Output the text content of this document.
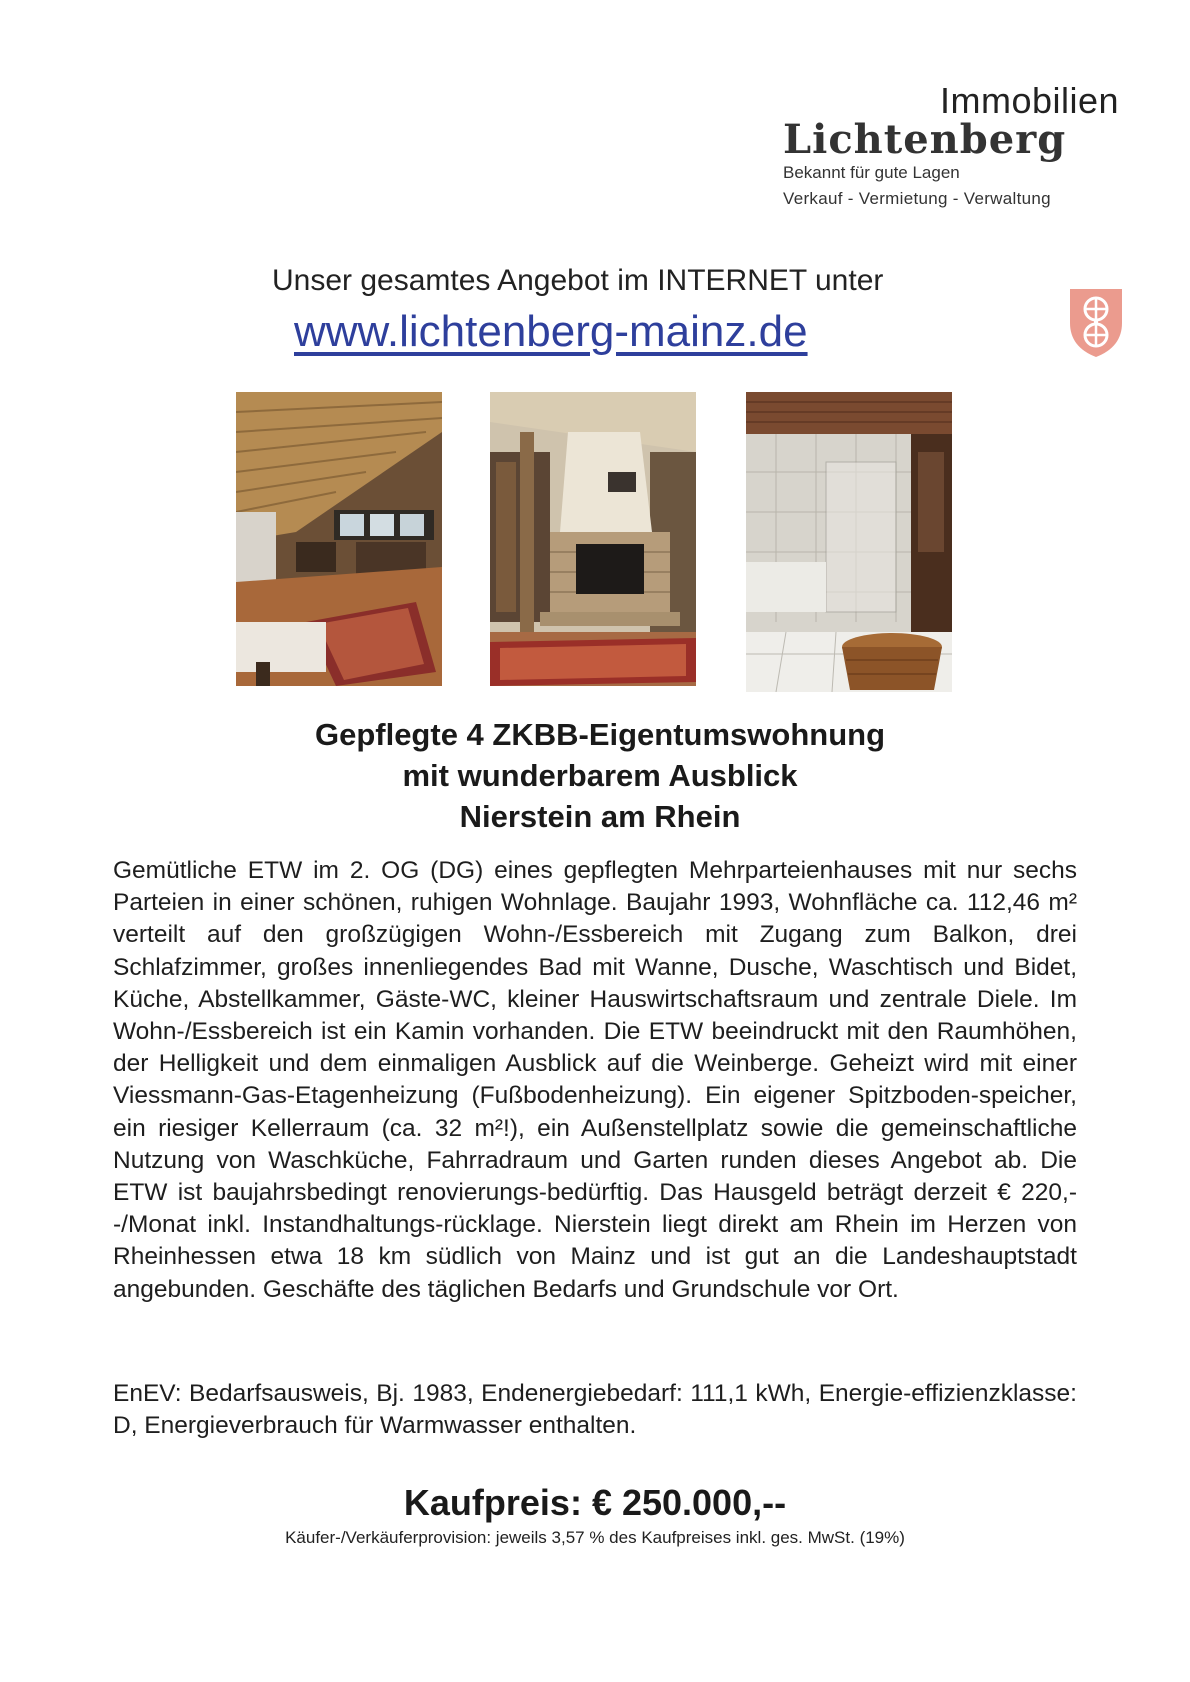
Immobilien
Lichtenberg
Bekannt für gute Lagen
Verkauf - Vermietung - Verwaltung
Unser gesamtes Angebot im INTERNET unter
www.lichtenberg-mainz.de
Gepflegte 4 ZKBB-Eigentumswohnung
mit wunderbarem Ausblick
Nierstein am Rhein
Gemütliche ETW im 2. OG (DG) eines gepflegten Mehrparteienhauses mit nur sechs Parteien in einer schönen, ruhigen Wohnlage. Baujahr 1993, Wohnfläche ca. 112,46 m² verteilt auf den großzügigen Wohn-/Essbereich mit Zugang zum Balkon, drei Schlafzimmer, großes innenliegendes Bad mit Wanne, Dusche, Waschtisch und Bidet, Küche, Abstellkammer, Gäste-WC, kleiner Hauswirtschaftsraum und zentrale Diele. Im Wohn-/Essbereich ist ein Kamin vorhanden. Die ETW beeindruckt mit den Raumhöhen, der Helligkeit und dem einmaligen Ausblick auf die Weinberge. Geheizt wird mit einer Viessmann-Gas-Etagenheizung (Fußbodenheizung). Ein eigener Spitzboden-speicher, ein riesiger Kellerraum (ca. 32 m²!), ein Außenstellplatz sowie die gemeinschaftliche Nutzung von Waschküche, Fahrradraum und Garten runden dieses Angebot ab. Die ETW ist baujahrsbedingt renovierungs-bedürftig. Das Hausgeld beträgt derzeit € 220,--/Monat inkl. Instandhaltungs-rücklage. Nierstein liegt direkt am Rhein im Herzen von Rheinhessen etwa 18 km südlich von Mainz und ist gut an die Landeshauptstadt angebunden. Geschäfte des täglichen Bedarfs und Grundschule vor Ort.
EnEV: Bedarfsausweis, Bj. 1983, Endenergiebedarf: 111,1 kWh, Energie-effizienzklasse: D, Energieverbrauch für Warmwasser enthalten.
Kaufpreis: € 250.000,--
Käufer-/Verkäuferprovision: jeweils 3,57 % des Kaufpreises inkl. ges. MwSt. (19%)
